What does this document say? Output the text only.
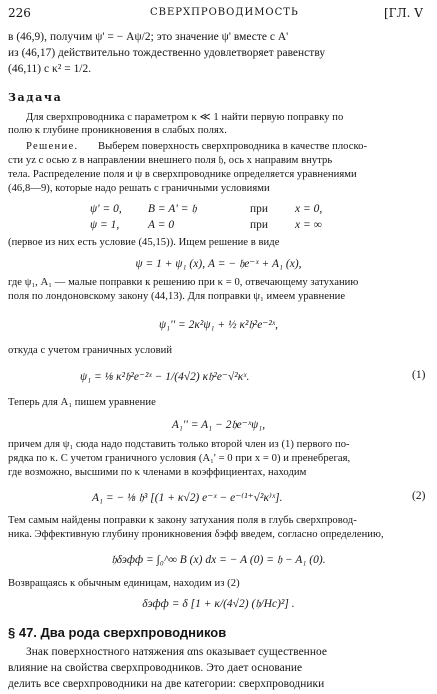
226	СВЕРХПРОВОДИМОСТЬ	[ГЛ. V
в (46,9), получим ψ' = − Aψ/2; это значение ψ' вместе с A'
из (46,17) действительно тождественно удовлетворяет равенству
(46,11) с κ² = 1/2.
Задача
Для сверхпроводника с параметром κ ≪ 1 найти первую поправку по
полю к глубине проникновения в слабых полях.
Решение. Выберем поверхность сверхпроводника в качестве плоско-
сти yz с осью z в направлении внешнего поля 𝔥, ось x направим внутрь
тела. Распределение поля и ψ в сверхпроводнике определяется уравнениями
(46,8—9), которые надо решать с граничными условиями
ψ' = 0, B = A' = 𝔥	при x = 0,
ψ = 1,	A = 0	при x = ∞
(первое из них есть условие (45,15)). Ищем решение в виде
ψ = 1 + ψ₁ (x), A = − 𝔥e⁻ˣ + A₁ (x),
где ψ₁, A₁ — малые поправки к решению при κ = 0, отвечающему затуханию
поля по лондоновскому закону (44,13). Для поправки ψ₁ имеем уравнение
ψ₁'' = 2κ²ψ₁ + ½ κ²𝔥²e⁻²ˣ,
откуда с учетом граничных условий
ψ₁ = ⅛ κ²𝔥²e⁻²ˣ − 1/(4√2) κ𝔥²e⁻√²κˣ.	(1)
Теперь для A₁ пишем уравнение
A₁'' = A₁ − 2𝔥e⁻ˣψ₁,
причем для ψ₁ сюда надо подставить только второй член из (1) первого по-
рядка по κ. С учетом граничного условия (A₁' = 0 при x = 0) и пренебрегая,
где возможно, высшими по κ членами в коэффициентах, находим
A₁ = − ⅛ 𝔥³ [(1 + κ√2) e⁻ˣ − e⁻⁽¹⁺√²κ⁾ˣ].	(2)
Тем самым найдены поправки к закону затухания поля в глубь сверхпровод-
ника. Эффективную глубину проникновения δэфф введем, согласно определению,
𝔥δэфф = ∫₀^∞ B (x) dx = − A (0) = 𝔥 − A₁ (0).
Возвращаясь к обычным единицам, находим из (2)
δэфф = δ [1 + κ/(4√2) (𝔥/Hc)²] .
§ 47. Два рода сверхпроводников
Знак поверхностного натяжения αns оказывает существенное
влияние на свойства сверхпроводников. Это дает основание
делить все сверхпроводники на две категории: сверхпроводники
